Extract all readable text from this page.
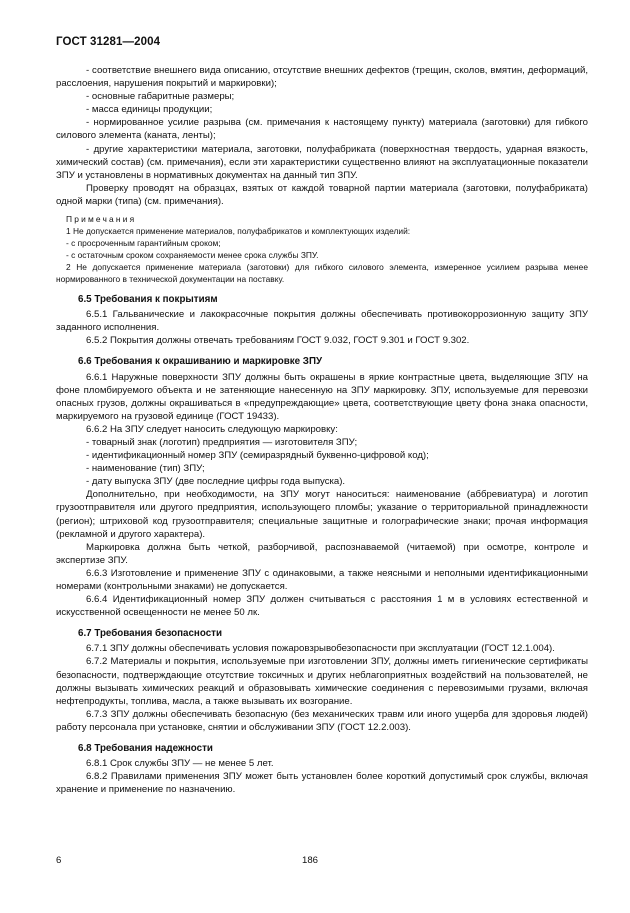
ГОСТ 31281—2004

- соответствие внешнего вида описанию, отсутствие внешних дефектов (трещин, сколов, вмятин, деформаций, расслоения, нарушения покрытий и маркировки);

- основные габаритные размеры;

- масса единицы продукции;

- нормированное усилие разрыва (см. примечания к настоящему пункту) материала (заготовки) для гибкого силового элемента (каната, ленты);

- другие характеристики материала, заготовки, полуфабриката (поверхностная твердость, ударная вязкость, химический состав) (см. примечания), если эти характеристики существенно влияют на эксплуатационные показатели ЗПУ и установлены в нормативных документах на данный тип ЗПУ.

Проверку проводят на образцах, взятых от каждой товарной партии материала (заготовки, полуфабриката) одной марки (типа) (см. примечания).

Примечания

1 Не допускается применение материалов, полуфабрикатов и комплектующих изделий:

- с просроченным гарантийным сроком;

- с остаточным сроком сохраняемости менее срока службы ЗПУ.

2 Не допускается применение материала (заготовки) для гибкого силового элемента, измеренное усилием разрыва менее нормированного в технической документации на поставку.

6.5 Требования к покрытиям

6.5.1 Гальванические и лакокрасочные покрытия должны обеспечивать противокоррозионную защиту ЗПУ заданного исполнения.

6.5.2 Покрытия должны отвечать требованиям ГОСТ 9.032, ГОСТ 9.301 и ГОСТ 9.302.

6.6 Требования к окрашиванию и маркировке ЗПУ

6.6.1 Наружные поверхности ЗПУ должны быть окрашены в яркие контрастные цвета, выделяющие ЗПУ на фоне пломбируемого объекта и не затеняющие нанесенную на ЗПУ маркировку. ЗПУ, используемые для перевозки опасных грузов, должны окрашиваться в «предупреждающие» цвета, соответствующие цвету фона знака опасности, маркируемого на грузовой единице (ГОСТ 19433).

6.6.2 На ЗПУ следует наносить следующую маркировку:

- товарный знак (логотип) предприятия — изготовителя ЗПУ;

- идентификационный номер ЗПУ (семиразрядный буквенно-цифровой код);

- наименование (тип) ЗПУ;

- дату выпуска ЗПУ (две последние цифры года выпуска).

Дополнительно, при необходимости, на ЗПУ могут наноситься: наименование (аббревиатура) и логотип грузоотправителя или другого предприятия, использующего пломбы; указание о территориальной принадлежности (регион); штриховой код грузоотправителя; специальные защитные и голографические знаки; прочая информация (рекламной и другого характера).

Маркировка должна быть четкой, разборчивой, распознаваемой (читаемой) при осмотре, контроле и экспертизе ЗПУ.

6.6.3 Изготовление и применение ЗПУ с одинаковыми, а также неясными и неполными идентификационными номерами (контрольными знаками) не допускается.

6.6.4 Идентификационный номер ЗПУ должен считываться с расстояния 1 м в условиях естественной и искусственной освещенности не менее 50 лк.

6.7 Требования безопасности

6.7.1 ЗПУ должны обеспечивать условия пожаровзрывобезопасности при эксплуатации (ГОСТ 12.1.004).

6.7.2 Материалы и покрытия, используемые при изготовлении ЗПУ, должны иметь гигиенические сертификаты безопасности, подтверждающие отсутствие токсичных и других неблагоприятных воздействий на пользователей, не должны вызывать химических реакций и образовывать химические соединения с перевозимыми грузами, включая нефтепродукты, топлива, масла, а также вызывать их возгорание.

6.7.3 ЗПУ должны обеспечивать безопасную (без механических травм или иного ущерба для здоровья людей) работу персонала при установке, снятии и обслуживании ЗПУ (ГОСТ 12.2.003).

6.8 Требования надежности

6.8.1 Срок службы ЗПУ — не менее 5 лет.

6.8.2 Правилами применения ЗПУ может быть установлен более короткий допустимый срок службы, включая хранение и применение по назначению.

6	186
